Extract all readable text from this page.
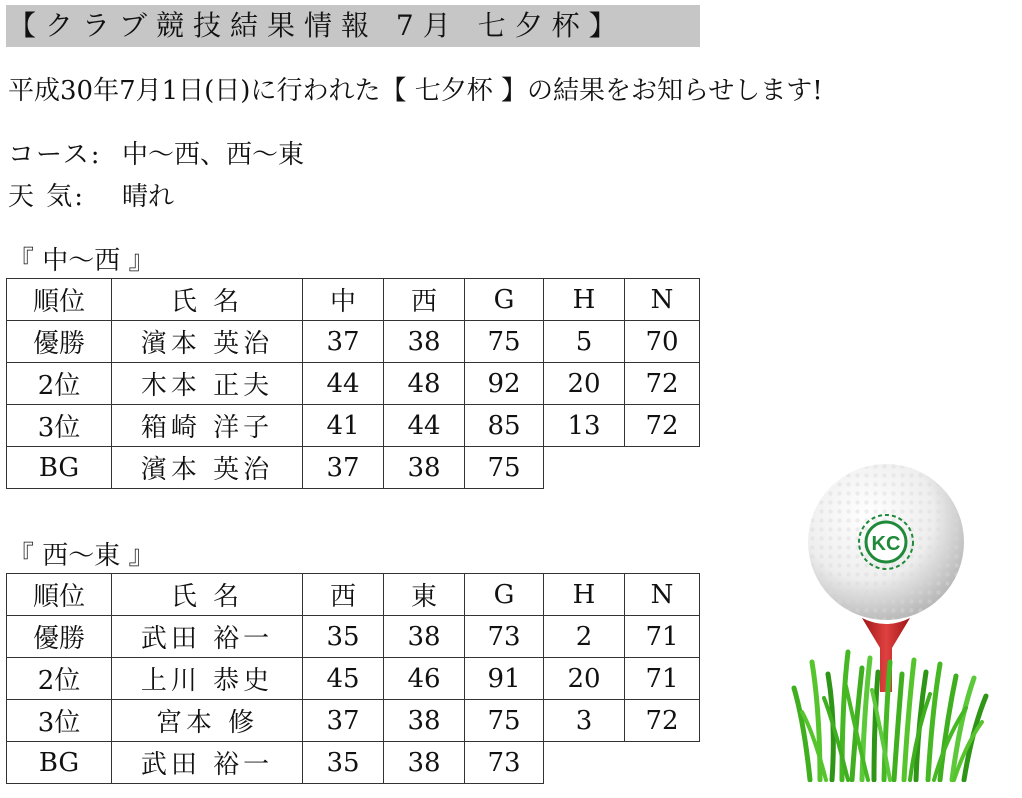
【クラブ競技結果情報 7月 七夕杯】
平成30年7月1日(日)に行われた【 七夕杯 】の結果をお知らせします!
コース: 中〜西、西〜東
天 気: 晴れ
『 中〜西 』
順位	氏 名	中	西	G	H	N
優勝	濱本 英治	37	38	75	5	70
2位	木本 正夫	44	48	92	20	72
3位	箱崎 洋子	41	44	85	13	72
BG	濱本 英治	37	38	75		
『 西〜東 』
順位	氏 名	西	東	G	H	N
優勝	武田 裕一	35	38	73	2	71
2位	上川 恭史	45	46	91	20	71
3位	宮本 修	37	38	75	3	72
BG	武田 裕一	35	38	73		
KC
